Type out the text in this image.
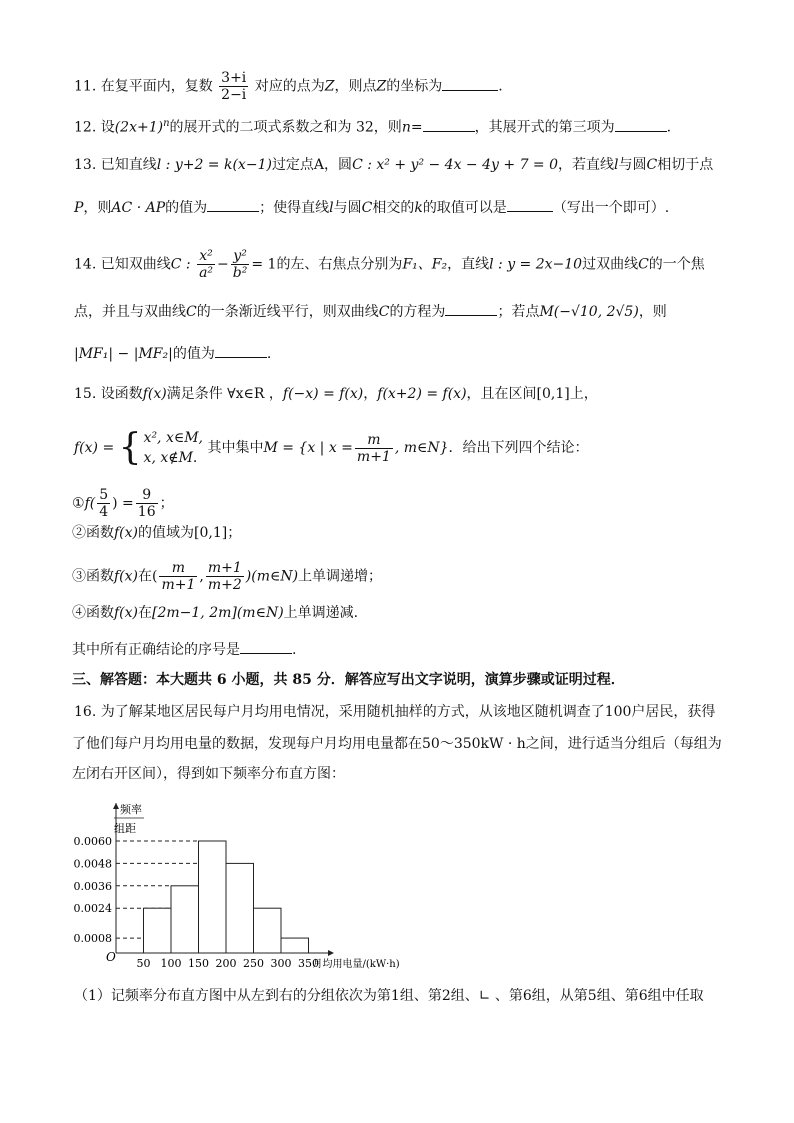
11. 在复平面内，复数 $\frac{3+i}{2-i}$ 对应的点为Z，则点Z的坐标为	.
12. 设$(2x+1)^n$的展开式的二项式系数之和为 32，则n=	，其展开式的第三项为	.
13. 已知直线l : y+2 = k(x−1)过定点A，圆C : x² + y² − 4x − 4y + 7 = 0，若直线l与圆C相切于点
P，则AC · AP的值为	；使得直线l与圆C相交的k的取值可以是	（写出一个即可）.
14. 已知双曲线C : $\frac{\text{x²}}{\text{a²}} - \frac{\text{y²}}{\text{b²}} = 1$的左、右焦点分别为F₁、F₂，直线l : y = 2x−10过双曲线C的一个焦
点，并且与双曲线C的一条渐近线平行，则双曲线C的方程为	；若点M(−√10, 2√5)，则
|MF₁| − |MF₂|的值为	.
15. 设函数f(x)满足条件 ∀x∈R ，f(−x) = f(x)，f(x+2) = f(x)，且在区间[0,1]上，
f(x) = { x², x∈M,
x, x∉M.
其中集中M = {x | $x = \frac{m}{m+1}$ , m∈N}．给出下列四个结论：
①f( $\frac{5}{4}$ ) = $\frac{9}{16}$ ；
②函数f(x)的值域为[0,1]；
③函数f(x)在( $\frac{m}{m+1}$ , $\frac{m+1}{m+2}$ )(m∈N)上单调递增；
④函数f(x)在[2m−1, 2m](m∈N)上单调递减.
其中所有正确结论的序号是	.
三、解答题：本大题共 6 小题，共 85 分．解答应写出文字说明，演算步骤或证明过程．
16. 为了解某地区居民每户月均用电情况，采用随机抽样的方式，从该地区随机调查了100户居民，获得
了他们每户月均用电量的数据，发现每户月均用电量都在50～350kW · h之间，进行适当分组后（每组为
左闭右开区间），得到如下频率分布直方图：
0.0060
0.0048
0.0036
0.0024
0.0008
50 100 150 200 250 300 350
O
频率
组距
月均用电量/(kW·h)
（1）记频率分布直方图中从左到右的分组依次为第1组、第2组、∟ 、第6组，从第5组、第6组中任取
